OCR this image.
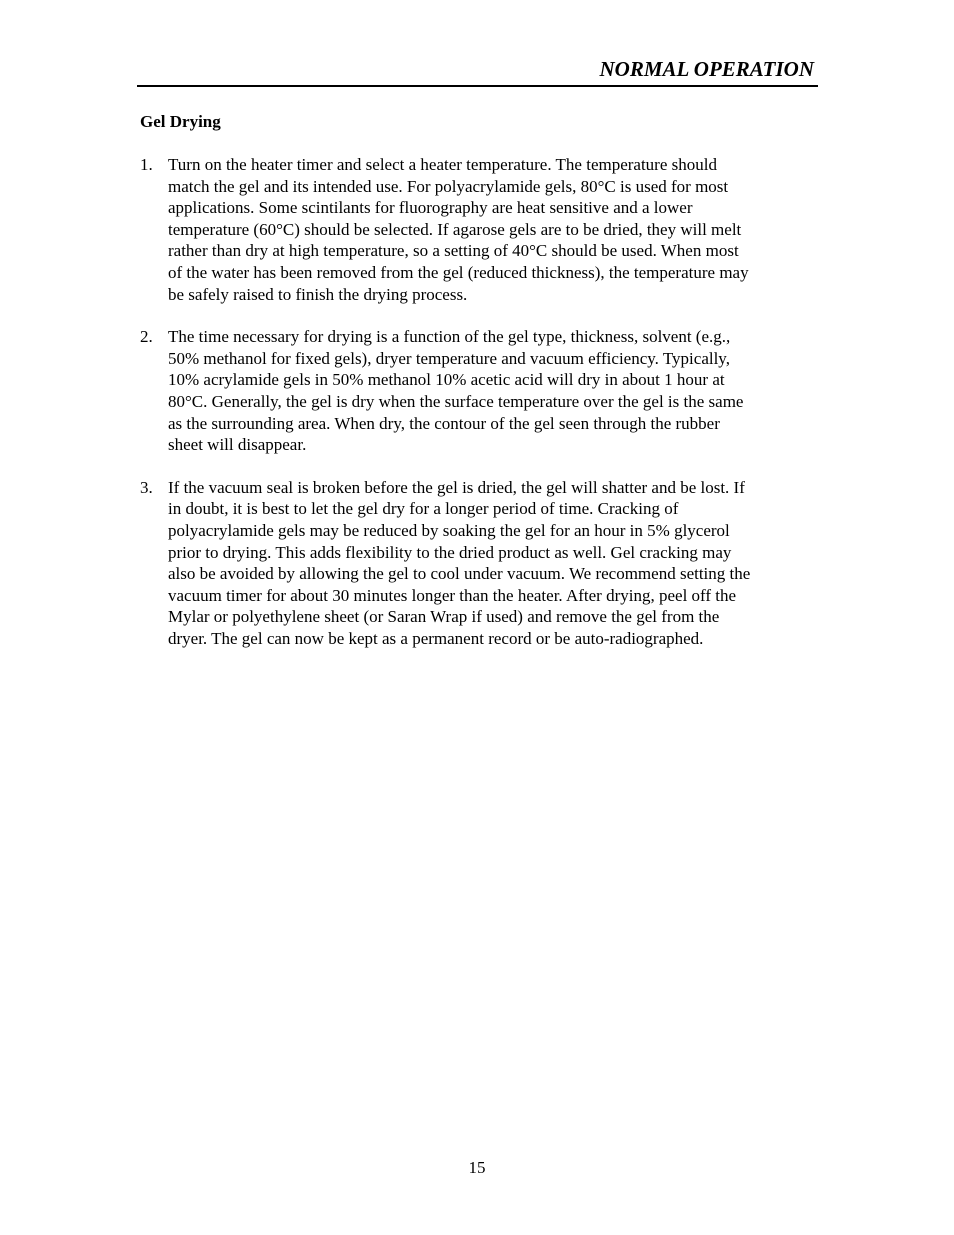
NORMAL OPERATION
Gel Drying
1. Turn on the heater timer and select a heater temperature. The temperature should
match the gel and its intended use. For polyacrylamide gels, 80°C is used for most
applications. Some scintilants for fluorography are heat sensitive and a lower
temperature (60°C) should be selected. If agarose gels are to be dried, they will melt
rather than dry at high temperature, so a setting of 40°C should be used. When most
of the water has been removed from the gel (reduced thickness), the temperature may
be safely raised to finish the drying process.
2. The time necessary for drying is a function of the gel type, thickness, solvent (e.g.,
50% methanol for fixed gels), dryer temperature and vacuum efficiency. Typically,
10% acrylamide gels in 50% methanol 10% acetic acid will dry in about 1 hour at
80°C. Generally, the gel is dry when the surface temperature over the gel is the same
as the surrounding area. When dry, the contour of the gel seen through the rubber
sheet will disappear.
3. If the vacuum seal is broken before the gel is dried, the gel will shatter and be lost. If
in doubt, it is best to let the gel dry for a longer period of time. Cracking of
polyacrylamide gels may be reduced by soaking the gel for an hour in 5% glycerol
prior to drying. This adds flexibility to the dried product as well. Gel cracking may
also be avoided by allowing the gel to cool under vacuum. We recommend setting the
vacuum timer for about 30 minutes longer than the heater. After drying, peel off the
Mylar or polyethylene sheet (or Saran Wrap if used) and remove the gel from the
dryer. The gel can now be kept as a permanent record or be auto-radiographed.
15
